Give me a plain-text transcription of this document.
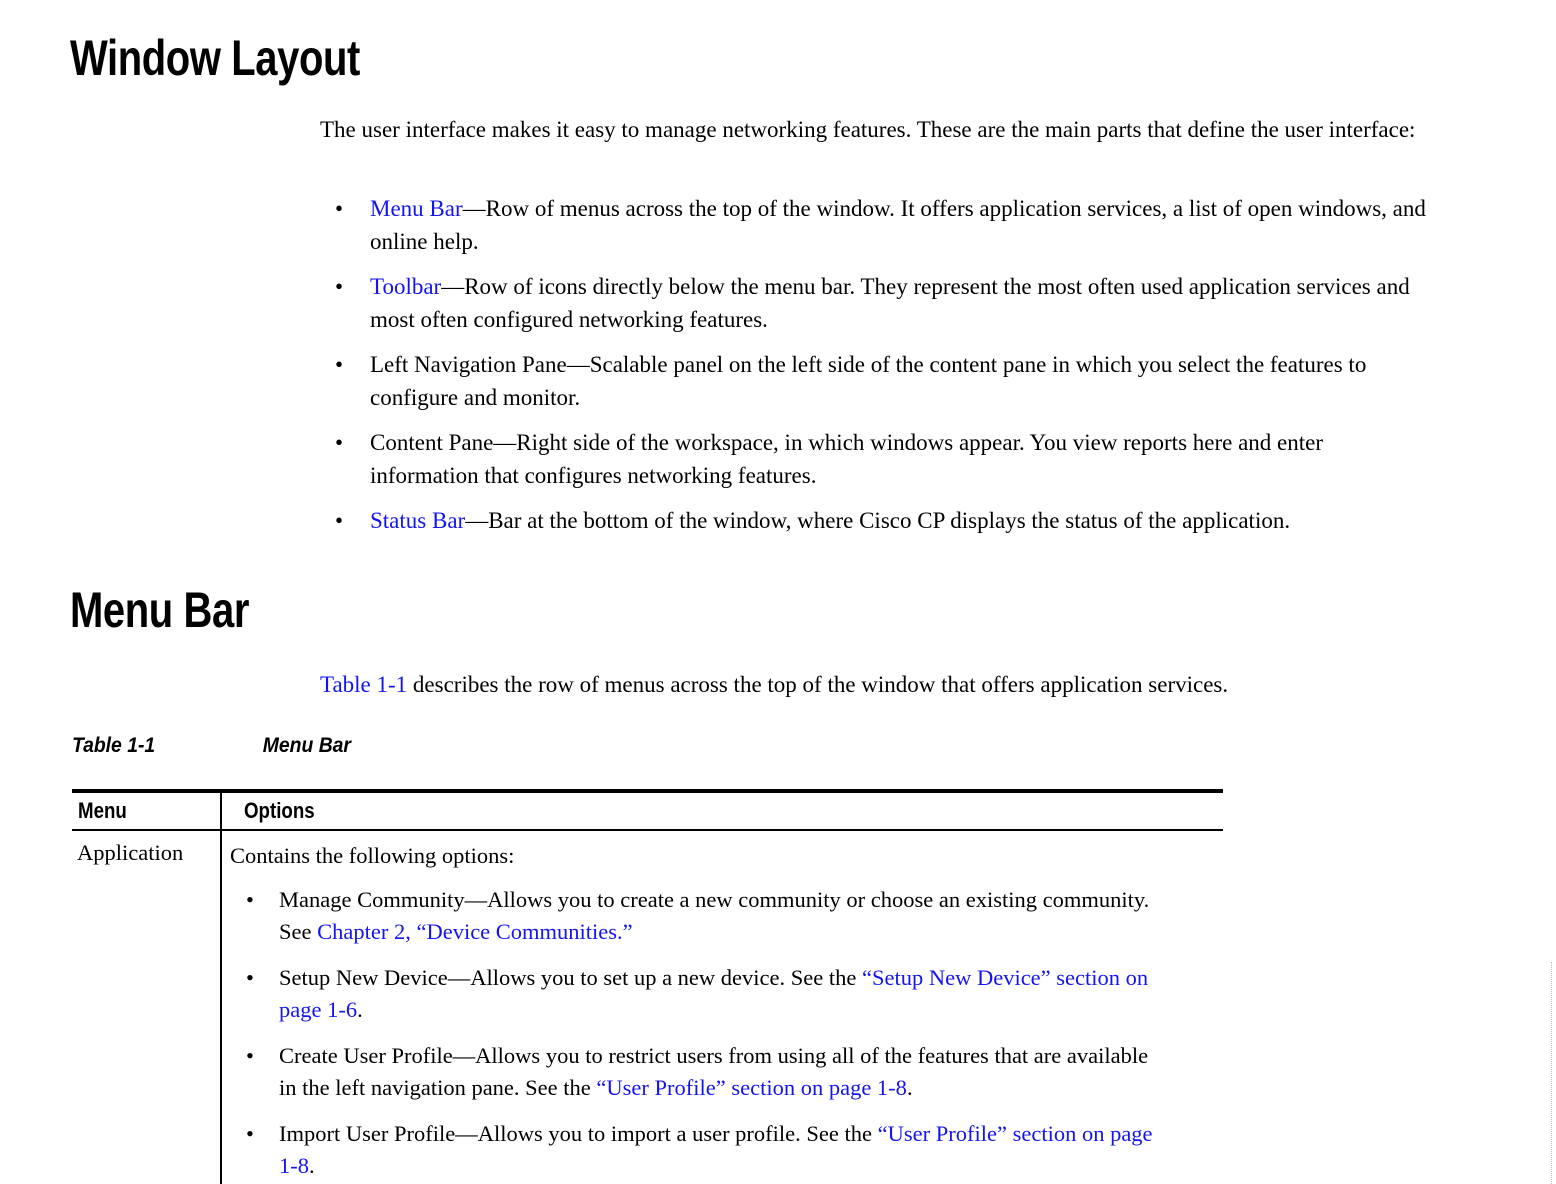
Window Layout
The user interface makes it easy to manage networking features. These are the main parts that define the user interface:
• Menu Bar—Row of menus across the top of the window. It offers application services, a list of open windows, and online help.
• Toolbar—Row of icons directly below the menu bar. They represent the most often used application services and most often configured networking features.
• Left Navigation Pane—Scalable panel on the left side of the content pane in which you select the features to configure and monitor.
• Content Pane—Right side of the workspace, in which windows appear. You view reports here and enter information that configures networking features.
• Status Bar—Bar at the bottom of the window, where Cisco CP displays the status of the application.
Menu Bar
Table 1-1 describes the row of menus across the top of the window that offers application services.
Table 1-1	Menu Bar
Menu	Options
Application	Contains the following options:
• Manage Community—Allows you to create a new community or choose an existing community. See Chapter 2, “Device Communities.”
• Setup New Device—Allows you to set up a new device. See the “Setup New Device” section on page 1-6.
• Create User Profile—Allows you to restrict users from using all of the features that are available in the left navigation pane. See the “User Profile” section on page 1-8.
• Import User Profile—Allows you to import a user profile. See the “User Profile” section on page 1-8.
